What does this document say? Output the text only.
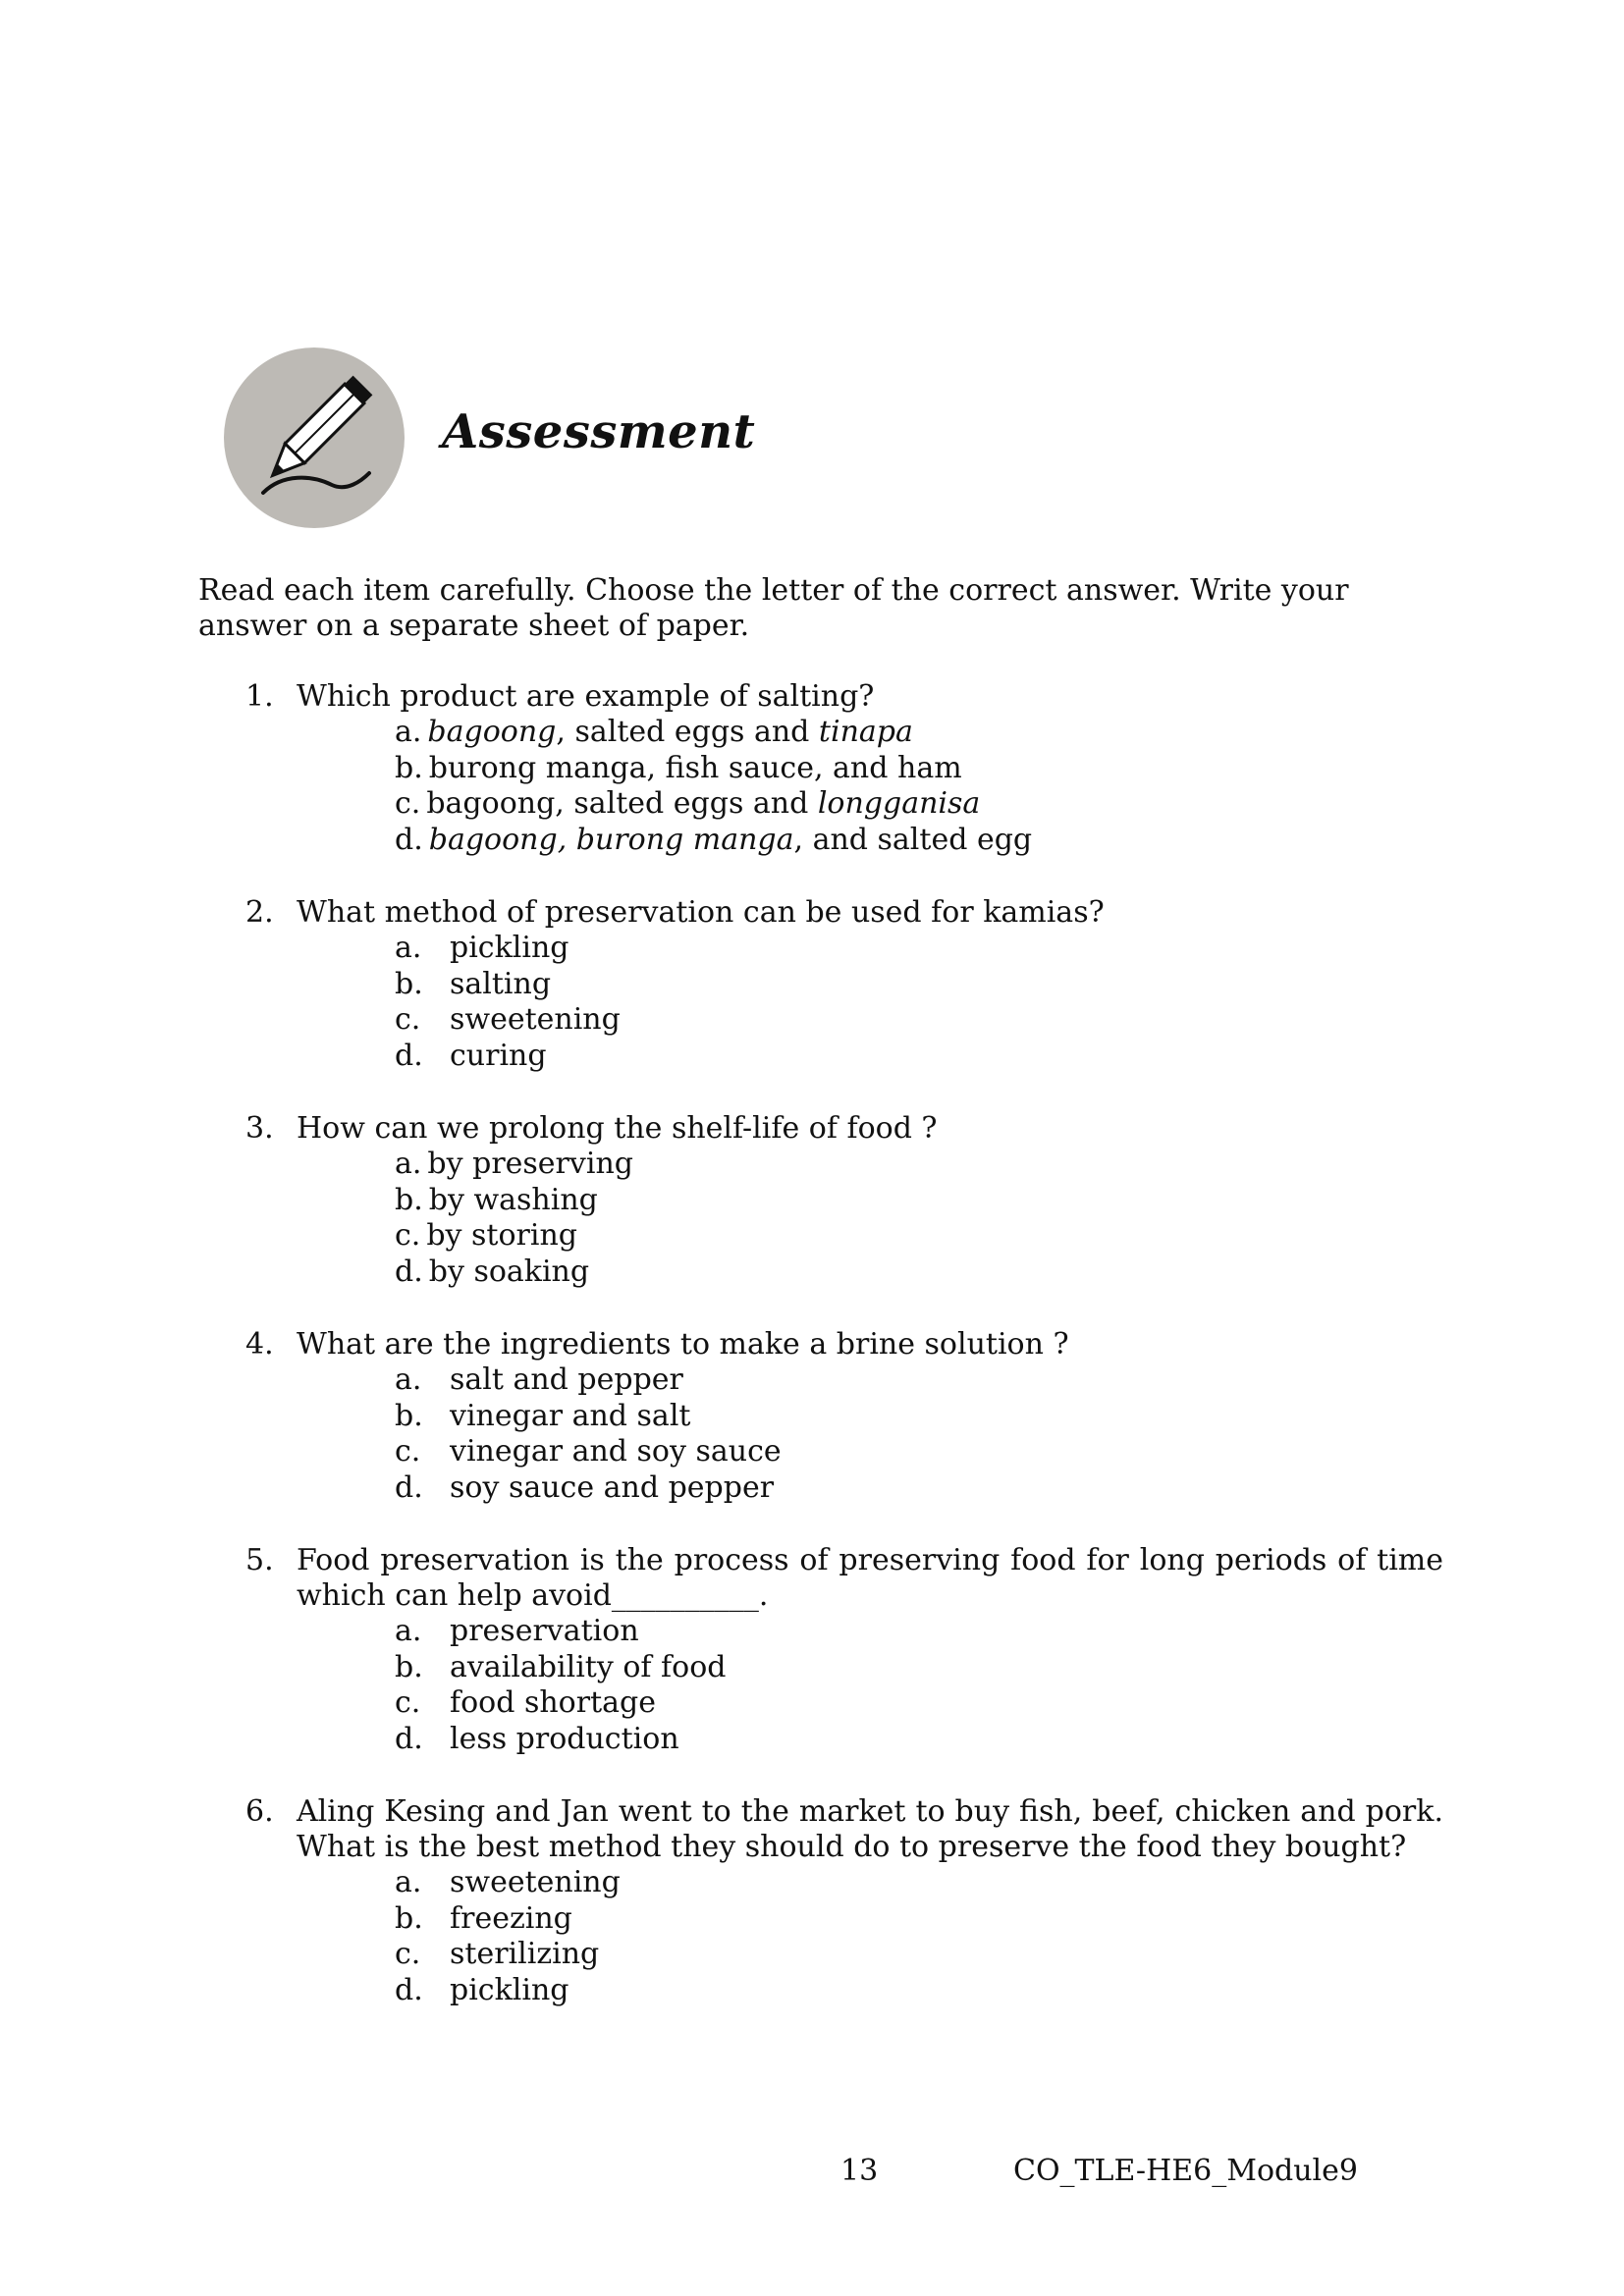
Assessment
Read each item carefully. Choose the letter of the correct answer. Write your answer on a separate sheet of paper.
1. Which product are example of salting?
a. bagoong, salted eggs and tinapa
b. burong manga, fish sauce, and ham
c. bagoong, salted eggs and longganisa
d. bagoong, burong manga, and salted egg
2. What method of preservation can be used for kamias?
a. pickling
b. salting
c. sweetening
d. curing
3. How can we prolong the shelf-life of food ?
a. by preserving
b. by washing
c. by storing
d. by soaking
4. What are the ingredients to make a brine solution ?
a. salt and pepper
b. vinegar and salt
c. vinegar and soy sauce
d. soy sauce and pepper
5. Food preservation is the process of preserving food for long periods of time which can help avoid__________.
a. preservation
b. availability of food
c. food shortage
d. less production
6. Aling Kesing and Jan went to the market to buy fish, beef, chicken and pork. What is the best method they should do to preserve the food they bought?
a. sweetening
b. freezing
c. sterilizing
d. pickling
13	CO_TLE-HE6_Module9
